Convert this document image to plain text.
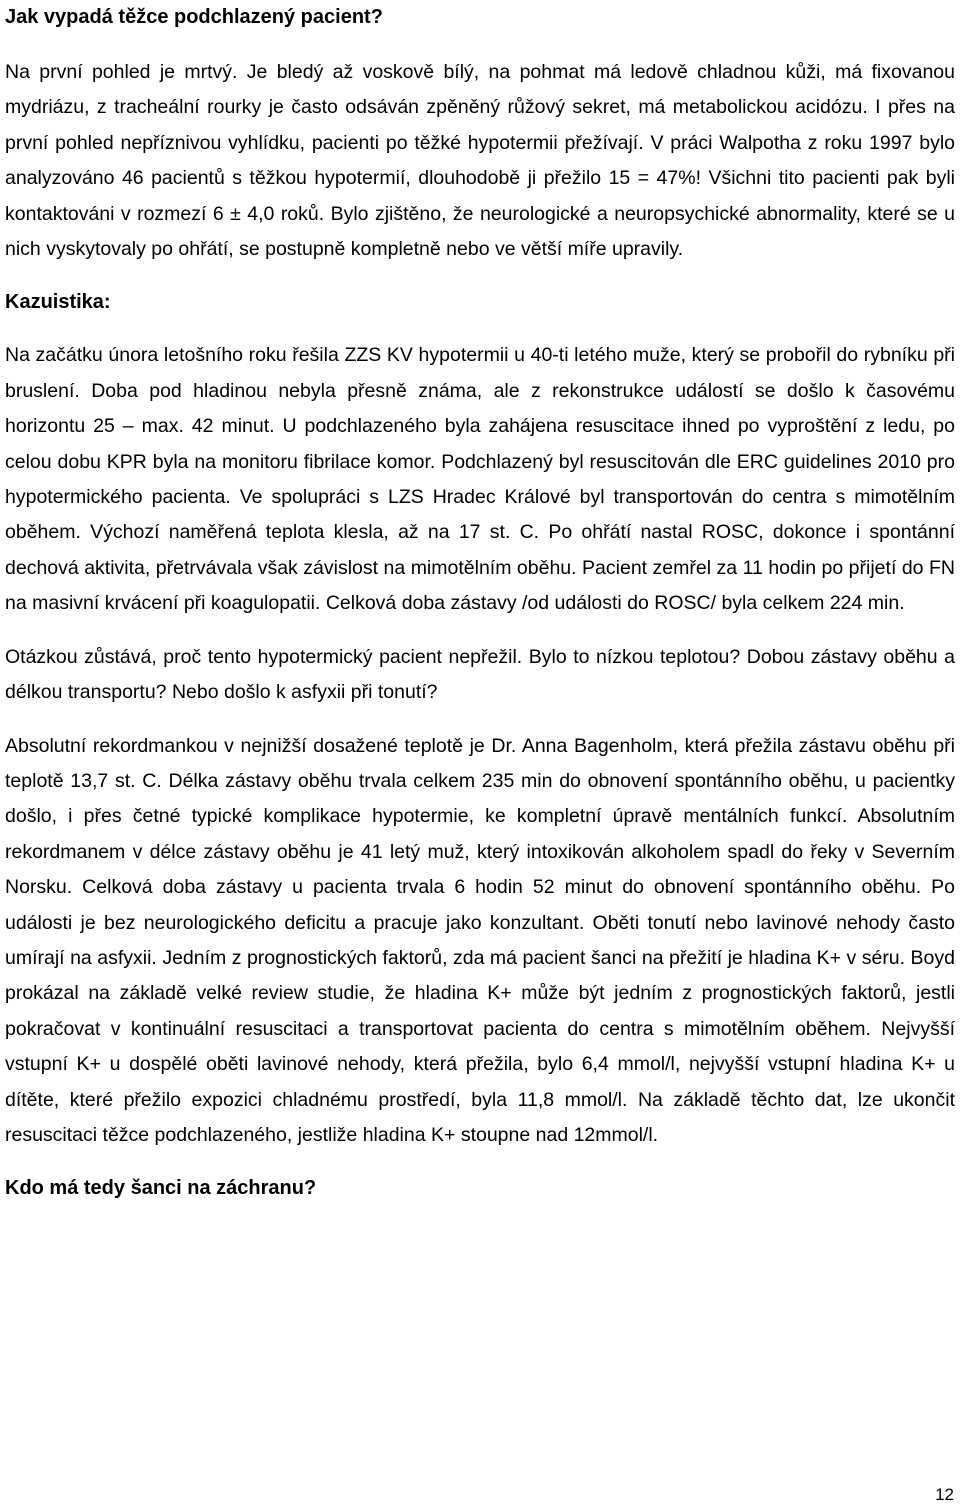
Jak vypadá těžce podchlazený pacient?

Na první pohled je mrtvý. Je bledý až voskově bílý, na pohmat má ledově chladnou kůži, má fixovanou mydriázu, z tracheální rourky je často odsáván zpěněný růžový sekret, má metabolickou acidózu. I přes na první pohled nepříznivou vyhlídku, pacienti po těžké hypotermii přežívají. V práci Walpotha z roku 1997 bylo analyzováno 46 pacientů s těžkou hypotermií, dlouhodobě ji přežilo 15 = 47%! Všichni tito pacienti pak byli kontaktováni v rozmezí 6 ± 4,0 roků. Bylo zjištěno, že neurologické a neuropsychické abnormality, které se u nich vyskytovaly po ohřátí, se postupně kompletně nebo ve větší míře upravily.

Kazuistika:

Na začátku února letošního roku řešila ZZS KV hypotermii u 40-ti letého muže, který se probořil do rybníku při bruslení. Doba pod hladinou nebyla přesně známa, ale z rekonstrukce událostí se došlo k časovému horizontu 25 – max. 42 minut. U podchlazeného byla zahájena resuscitace ihned po vyproštění z ledu, po celou dobu KPR byla na monitoru fibrilace komor. Podchlazený byl resuscitován dle ERC guidelines 2010 pro hypotermického pacienta. Ve spolupráci s LZS Hradec Králové byl transportován do centra s mimotělním oběhem. Výchozí naměřená teplota klesla, až na 17 st. C. Po ohřátí nastal ROSC, dokonce i spontánní dechová aktivita, přetrvávala však závislost na mimotělním oběhu. Pacient zemřel za 11 hodin po přijetí do FN na masivní krvácení při koagulopatii. Celková doba zástavy /od události do ROSC/ byla celkem 224 min.

Otázkou zůstává, proč tento hypotermický pacient nepřežil. Bylo to nízkou teplotou? Dobou zástavy oběhu a délkou transportu? Nebo došlo k asfyxii při tonutí?

Absolutní rekordmankou v nejnižší dosažené teplotě je Dr. Anna Bagenholm, která přežila zástavu oběhu při teplotě 13,7 st. C. Délka zástavy oběhu trvala celkem 235 min do obnovení spontánního oběhu, u pacientky došlo, i přes četné typické komplikace hypotermie, ke kompletní úpravě mentálních funkcí. Absolutním rekordmanem v délce zástavy oběhu je 41 letý muž, který intoxikován alkoholem spadl do řeky v Severním Norsku. Celková doba zástavy u pacienta trvala 6 hodin 52 minut do obnovení spontánního oběhu. Po události je bez neurologického deficitu a pracuje jako konzultant. Oběti tonutí nebo lavinové nehody často umírají na asfyxii. Jedním z prognostických faktorů, zda má pacient šanci na přežití je hladina K+ v séru. Boyd prokázal na základě velké review studie, že hladina K+ může být jedním z prognostických faktorů, jestli pokračovat v kontinuální resuscitaci a transportovat pacienta do centra s mimotělním oběhem. Nejvyšší vstupní K+ u dospělé oběti lavinové nehody, která přežila, bylo 6,4 mmol/l, nejvyšší vstupní hladina K+ u dítěte, které přežilo expozici chladnému prostředí, byla 11,8 mmol/l. Na základě těchto dat, lze ukončit resuscitaci těžce podchlazeného, jestliže hladina K+ stoupne nad 12mmol/l.

Kdo má tedy šanci na záchranu?

12
